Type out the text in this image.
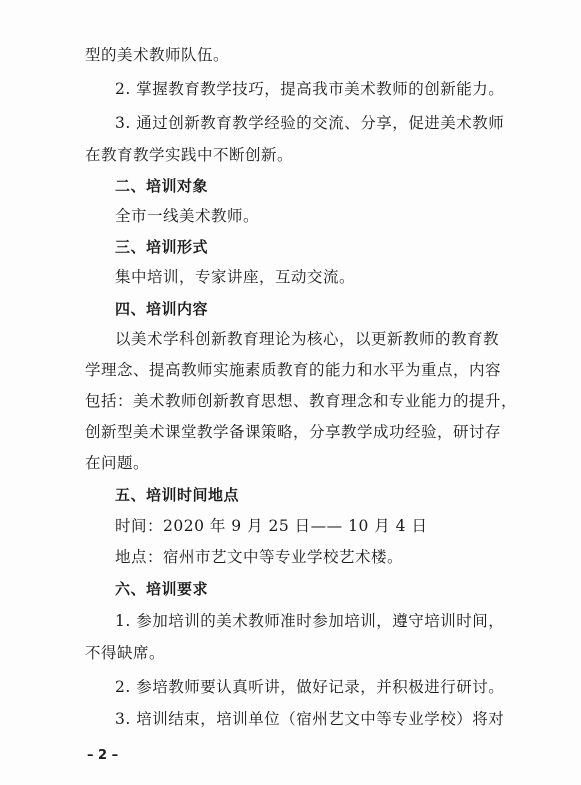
型的美术教师队伍。
2. 掌握教育教学技巧，提高我市美术教师的创新能力。
3. 通过创新教育教学经验的交流、分享，促进美术教师
在教育教学实践中不断创新。
二、培训对象
全市一线美术教师。
三、培训形式
集中培训，专家讲座，互动交流。
四、培训内容
以美术学科创新教育理论为核心，以更新教师的教育教
学理念、提高教师实施素质教育的能力和水平为重点，内容
包括：美术教师创新教育思想、教育理念和专业能力的提升，
创新型美术课堂教学备课策略，分享教学成功经验，研讨存
在问题。
五、培训时间地点
时间：2020 年 9 月 25 日—— 10 月 4 日
地点：宿州市艺文中等专业学校艺术楼。
六、培训要求
1. 参加培训的美术教师准时参加培训，遵守培训时间，
不得缺席。
2. 参培教师要认真听讲，做好记录，并积极进行研讨。
3. 培训结束，培训单位（宿州艺文中等专业学校）将对
– 2 –
